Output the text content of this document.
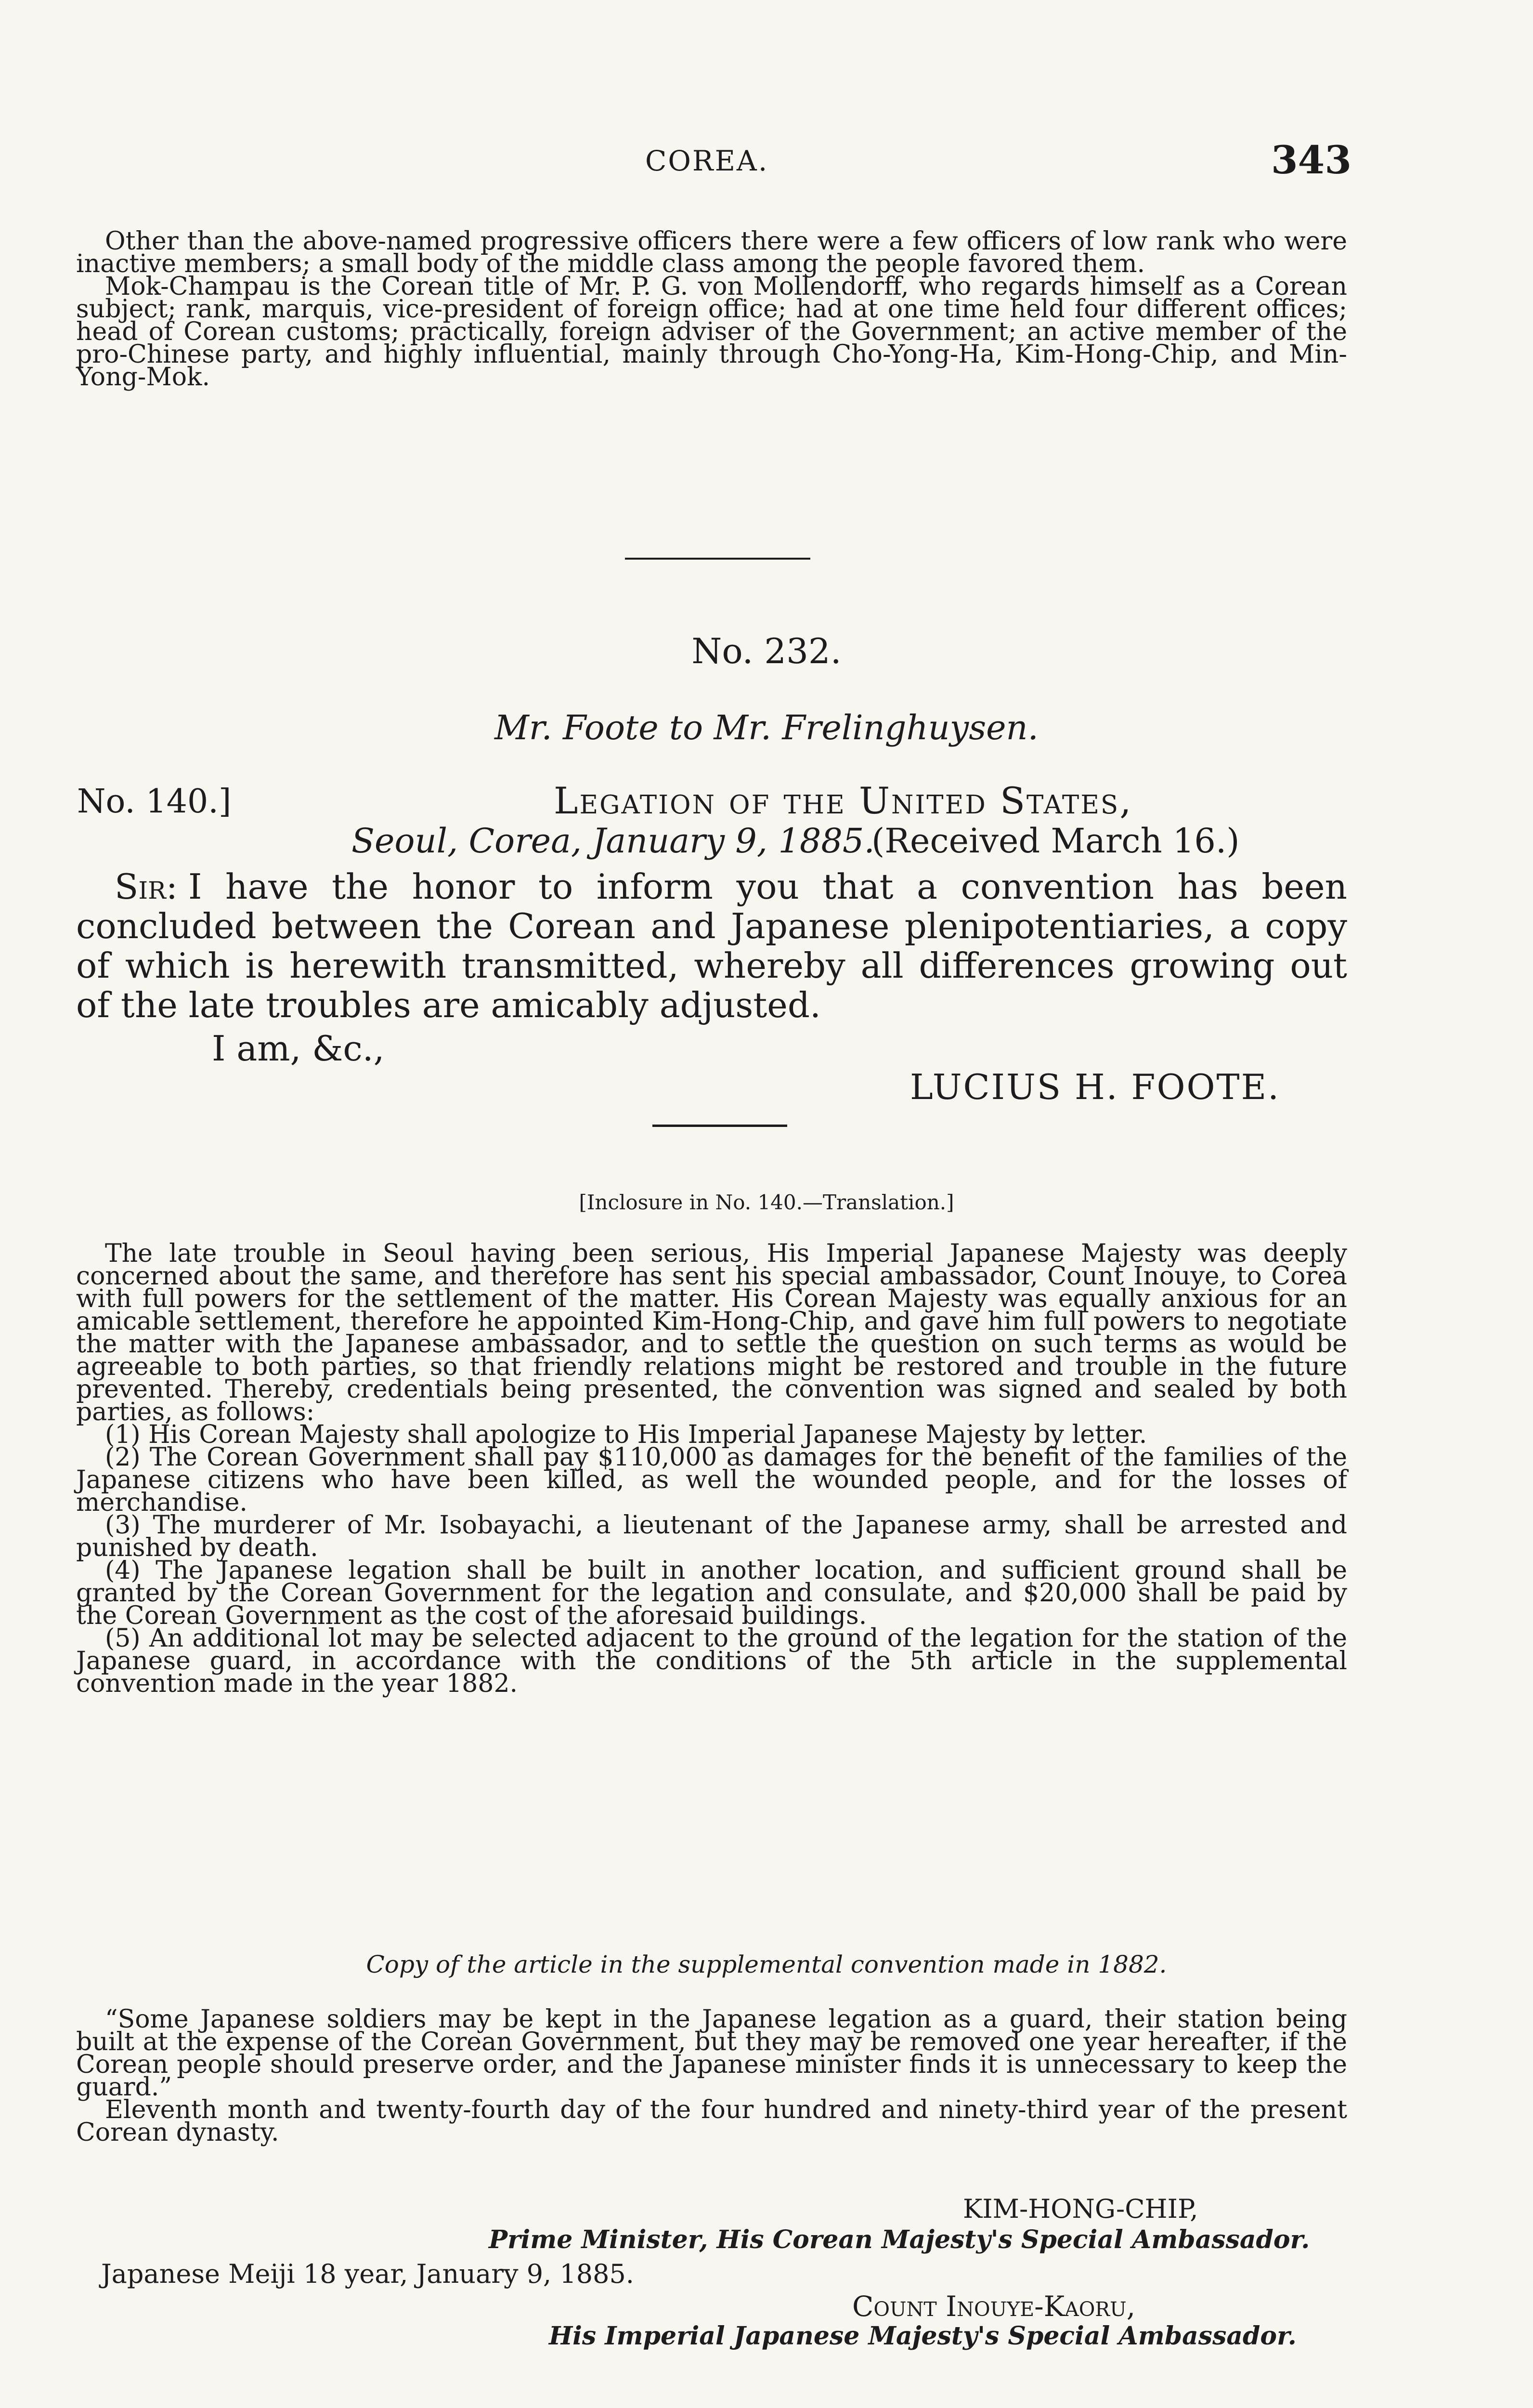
COREA.	343

Other than the above-named progressive officers there were a few officers of low rank who were inactive members; a small body of the middle class among the people favored them.

Mok-Champau is the Corean title of Mr. P. G. von Mollendorff, who regards himself as a Corean subject; rank, marquis, vice-president of foreign office; had at one time held four different offices; head of Corean customs; practically, foreign adviser of the Government; an active member of the pro-Chinese party, and highly influential, mainly through Cho-Yong-Ha, Kim-Hong-Chip, and Min-Yong-Mok.

No. 232.
Mr. Foote to Mr. Frelinghuysen.
No. 140.]	Legation of the United States,
Seoul, Corea, January 9, 1885.
(Received March 16.)
Sir: I have the honor to inform you that a convention has been concluded between the Corean and Japanese plenipotentiaries, a copy of which is herewith transmitted, whereby all differences growing out of the late troubles are amicably adjusted.
I am, &c.,
LUCIUS H. FOOTE.
[Inclosure in No. 140.—Translation.]

The late trouble in Seoul having been serious, His Imperial Japanese Majesty was deeply concerned about the same, and therefore has sent his special ambassador, Count Inouye, to Corea with full powers for the settlement of the matter. His Corean Majesty was equally anxious for an amicable settlement, therefore he appointed Kim-Hong-Chip, and gave him full powers to negotiate the matter with the Japanese ambassador, and to settle the question on such terms as would be agreeable to both parties, so that friendly relations might be restored and trouble in the future prevented. Thereby, credentials being presented, the convention was signed and sealed by both parties, as follows:

(1) His Corean Majesty shall apologize to His Imperial Japanese Majesty by letter.

(2) The Corean Government shall pay $110,000 as damages for the benefit of the families of the Japanese citizens who have been killed, as well the wounded people, and for the losses of merchandise.

(3) The murderer of Mr. Isobayachi, a lieutenant of the Japanese army, shall be arrested and punished by death.

(4) The Japanese legation shall be built in another location, and sufficient ground shall be granted by the Corean Government for the legation and consulate, and $20,000 shall be paid by the Corean Government as the cost of the aforesaid buildings.

(5) An additional lot may be selected adjacent to the ground of the legation for the station of the Japanese guard, in accordance with the conditions of the 5th article in the supplemental convention made in the year 1882.

Copy of the article in the supplemental convention made in 1882.

“Some Japanese soldiers may be kept in the Japanese legation as a guard, their station being built at the expense of the Corean Government, but they may be removed one year hereafter, if the Corean people should preserve order, and the Japanese minister finds it is unnecessary to keep the guard.”

Eleventh month and twenty-fourth day of the four hundred and ninety-third year of the present Corean dynasty.

KIM-HONG-CHIP,
Prime Minister, His Corean Majesty's Special Ambassador.
Japanese Meiji 18 year, January 9, 1885.
Count Inouye-Kaoru,
His Imperial Japanese Majesty's Special Ambassador.
